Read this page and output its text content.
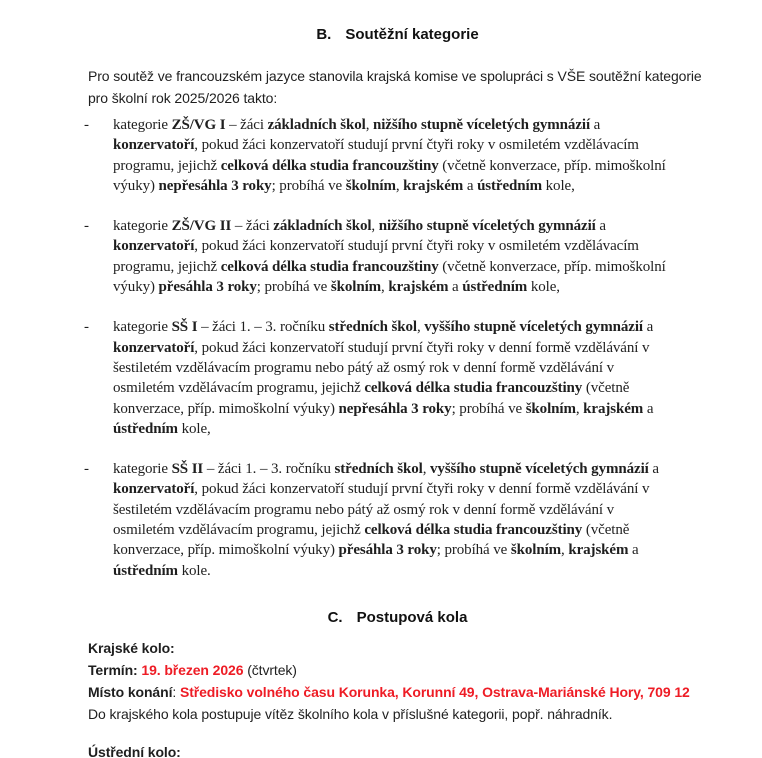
B. Soutěžní kategorie
Pro soutěž ve francouzském jazyce stanovila krajská komise ve spolupráci s VŠE soutěžní kategorie
pro školní rok 2025/2026 takto:
-	kategorie ZŠ/VG I – žáci základních škol, nižšího stupně víceletých gymnázií a
konzervatoří, pokud žáci konzervatoří studují první čtyři roky v osmiletém vzdělávacím
programu, jejichž celková délka studia francouzštiny (včetně konverzace, příp. mimoškolní
výuky) nepřesáhla 3 roky; probíhá ve školním, krajském a ústředním kole,
-	kategorie ZŠ/VG II – žáci základních škol, nižšího stupně víceletých gymnázií a
konzervatoří, pokud žáci konzervatoří studují první čtyři roky v osmiletém vzdělávacím
programu, jejichž celková délka studia francouzštiny (včetně konverzace, příp. mimoškolní
výuky) přesáhla 3 roky; probíhá ve školním, krajském a ústředním kole,
-	kategorie SŠ I – žáci 1. – 3. ročníku středních škol, vyššího stupně víceletých gymnázií a
konzervatoří, pokud žáci konzervatoří studují první čtyři roky v denní formě vzdělávání v
šestiletém vzdělávacím programu nebo pátý až osmý rok v denní formě vzdělávání v
osmiletém vzdělávacím programu, jejichž celková délka studia francouzštiny (včetně
konverzace, příp. mimoškolní výuky) nepřesáhla 3 roky; probíhá ve školním, krajském a
ústředním kole,
-	kategorie SŠ II – žáci 1. – 3. ročníku středních škol, vyššího stupně víceletých gymnázií a
konzervatoří, pokud žáci konzervatoří studují první čtyři roky v denní formě vzdělávání v
šestiletém vzdělávacím programu nebo pátý až osmý rok v denní formě vzdělávání v
osmiletém vzdělávacím programu, jejichž celková délka studia francouzštiny (včetně
konverzace, příp. mimoškolní výuky) přesáhla 3 roky; probíhá ve školním, krajském a
ústředním kole.
C. Postupová kola
Krajské kolo:
Termín: 19. březen 2026 (čtvrtek)
Místo konání: Středisko volného času Korunka, Korunní 49, Ostrava-Mariánské Hory, 709 12
Do krajského kola postupuje vítěz školního kola v příslušné kategorii, popř. náhradník.
Ústřední kolo:
